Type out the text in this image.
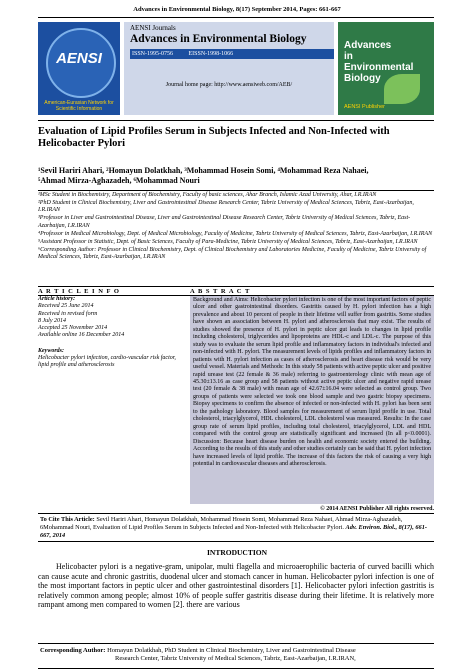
Advances in Environmental Biology, 8(17) September 2014, Pages: 661-667
AENSI
American-Eurasian Network for Scientific Information
AENSI Journals
Advances in Environmental Biology
ISSN-1995-0756	EISSN-1998-1066
Journal home page: http://www.aensiweb.com/AEB/
Advances
in
Environmental
Biology
AENSI Publisher
Evaluation of Lipid Profiles Serum in Subjects Infected and Non-Infected with Helicobacter Pylori
¹Sevil Hariri Ahari, ²Homayun Dolatkhah, ³Mohammad Hosein Somi, ⁴Mohammad Reza Nahaei,
⁵Ahmad Mirza-Aghazadeh, ⁶Mohammad Nouri

¹MSc Student in Biochemistry, Department of Biochemistry, Faculty of basic sciences, Ahar Branch, Islamic Azad University, Ahar, I.R.IRAN

²PhD Student in Clinical Biochemistry, Liver and Gastrointestinal Disease Research Center, Tabriz University of Medical Sciences, Tabriz, East-Azarbaijan, I.R.IRAN

³Professor in Liver and Gastrointestinal Disease, Liver and Gastrointestinal Disease Research Center, Tabriz University of Medical Sciences, Tabriz, East-Azarbaijan, I.R.IRAN

⁴Professor in Medical Microbiology, Dept. of Medical Microbiology, Faculty of Medicine, Tabriz University of Medical Sciences, Tabriz, East-Azarbaijan, I.R.IRAN

⁵Assistant Professor in Statistic, Dept. of Basic Sciences, Faculty of Para-Medicine, Tabriz University of Medical Sciences, Tabriz, East-Azarbaijan, I.R.IRAN

⁶Corresponding Author: Professor in Clinical Biochemistry, Dept. of Clinical Biochemistry and Laboratories Medicine, Faculty of Medicine, Tabriz University of Medical Sciences, Tabriz, East-Azarbaijan, I.R.IRAN

A R T I C L E I N F O	A B S T R A C T

Article history:

Received 25 June 2014

Received in revised form

8 July 2014

Accepted 25 November 2014

Available online 16 December 2014

Keywords:

Helicobacter pylori infection, cardio-vascular risk factor, lipid profile and atherosclerosis

Background and Aims: Helicobacter pylori infection is one of the most important factors of peptic ulcer and other gastrointestinal disorders. Gastritis caused by H. pylori infection has a high prevalence and about 10 percent of people in their lifetime will suffer from gastritis. Some studies have shown an association between H. pylori and atherosclerosis that may exist. The results of studies showed the presence of H. pylori in peptic ulcer gut leads to changes in lipid profile including cholesterol, triglycerides and lipoproteins are HDL-c and LDL-c. The purpose of this study was to evaluate the serum lipid profile and inflammatory factors in individual's infected and non-infected with H. pylori. The measurement levels of lipids profiles and inflammatory factors in patients with H. pylori infection as cases of atherosclerosis and heart disease risk would be very useful vessel. Materials and Methods: In this study 58 patients with active peptic ulcer and positive rapid urease test (22 female & 36 male) referring to gastroenterology clinic with mean age of 45.30±13.16 as case group and 58 patients without active peptic ulcer and negative rapid urease test (20 female & 38 male) with mean age of 42.67±16.04 were selected as control group. Two groups of patients were selected we took one blood sample and two gastric biopsy specimens. Biopsy specimens to confirm the absence of infected or non-infected with H. pylori has been sent to the pathology laboratory. Blood samples for measurement of serum lipid profile in use. Total cholesterol, triacylglycerol, HDL cholesterol, LDL cholesterol was measured. Results: In the case group rate of serum lipid profiles, including total cholesterol, triacylglycerol, LDL and HDL compared with the control group are statistically significant and increased (In all p<0.0001). Discussion: Because heart disease burden on health and economic society entered the building. According to the results of this study and other studies certainly can be said that H. pylori infection have increased levels of lipid profile. The increase of this factors the risk of causing a very high potential in cardiovascular diseases and atherosclerosis.
© 2014 AENSI Publisher All rights reserved.
To Cite This Article: Sevil Hariri Ahari, Homayun Dolatkhah, Mohammad Hosein Somi, Mohammad Reza Nahaei, Ahmad Mirza-Aghazadeh, 6Mohammad Nouri, Evaluation of Lipid Profiles Serum in Subjects Infected and Non-Infected with Helicobacter Pylori. Adv. Environ. Biol., 8(17), 661-667, 2014
INTRODUCTION
Helicobacter pylori is a negative-gram, unipolar, multi flagella and microaerophilic bacteria of curved bacilli which can cause acute and chronic gastritis, duodenal ulcer and stomach cancer in human. Helicobacter pylori infection is one of the most important factors in peptic ulcer and other gastrointestinal disorders [1]. Helicobacter pylori infection gastritis is relatively common among people; almost 10% of people suffer gastritis disease during their lifetime. It is relatively more rampant among men compared to women [2]. there are various
Corresponding Author: Homayun Dolatkhah, PhD Student in Clinical Biochemistry, Liver and Gastrointestinal Disease
Research Center, Tabriz University of Medical Sciences, Tabriz, East-Azarbaijan, I.R.IRAN,
